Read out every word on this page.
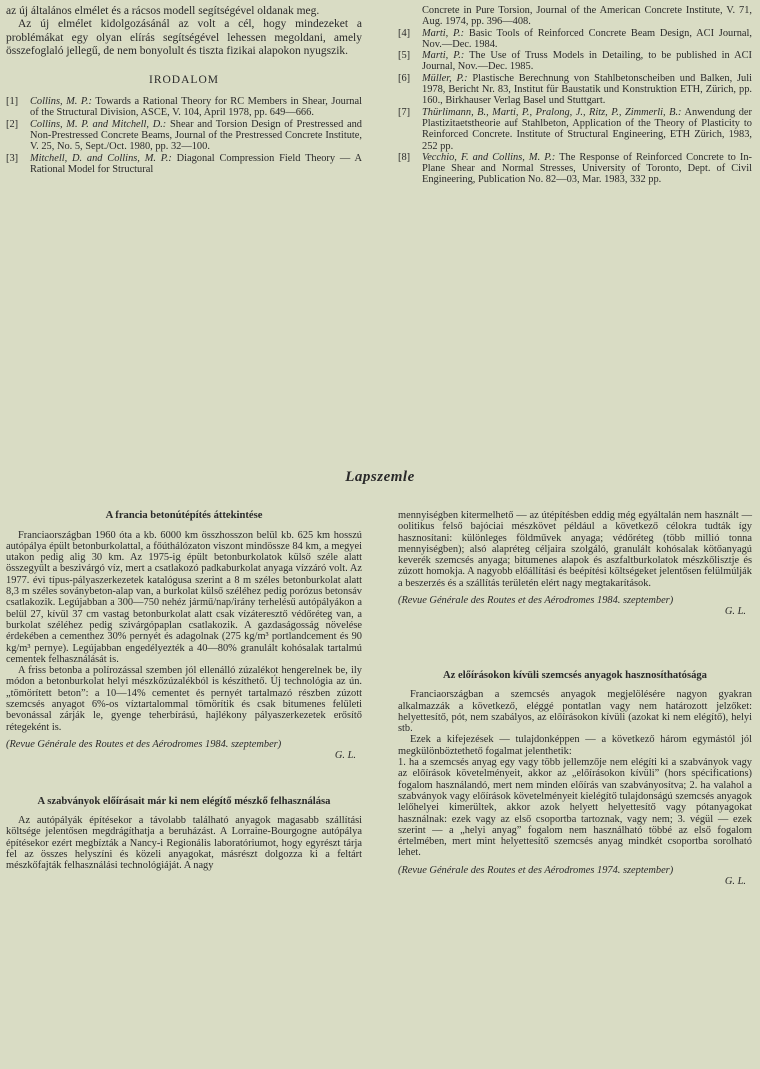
az új általános elmélet és a rácsos modell segítségével oldanak meg.

Az új elmélet kidolgozásánál az volt a cél, hogy mindezeket a problémákat egy olyan elírás segítségével lehessen megoldani, amely összefoglaló jellegű, de nem bonyolult és tiszta fizikai alapokon nyugszik.

IRODALOM
[1]	Collins, M. P.: Towards a Rational Theory for RC Members in Shear, Journal of the Structural Division, ASCE, V. 104, April 1978, pp. 649—666.
[2]	Collins, M. P. and Mitchell, D.: Shear and Torsion Design of Prestressed and Non-Prestressed Concrete Beams, Journal of the Prestressed Concrete Institute, V. 25, No. 5, Sept./Oct. 1980, pp. 32—100.
[3]	Mitchell, D. and Collins, M. P.: Diagonal Compression Field Theory — A Rational Model for Structural
Concrete in Pure Torsion, Journal of the American Concrete Institute, V. 71, Aug. 1974, pp. 396—408.
[4]	Marti, P.: Basic Tools of Reinforced Concrete Beam Design, ACI Journal, Nov.—Dec. 1984.
[5]	Marti, P.: The Use of Truss Models in Detailing, to be published in ACI Journal, Nov.—Dec. 1985.
[6]	Müller, P.: Plastische Berechnung von Stahlbetonscheiben und Balken, Juli 1978, Bericht Nr. 83, Institut für Baustatik und Konstruktion ETH, Zürich, pp. 160., Birkhauser Verlag Basel und Stuttgart.
[7]	Thürlimann, B., Marti, P., Pralong, J., Ritz, P., Zimmerli, B.: Anwendung der Plastizitaetstheorie auf Stahlbeton, Application of the Theory of Plasticity to Reinforced Concrete. Institute of Structural Engineering, ETH Zürich, 1983, 252 pp.
[8]	Vecchio, F. and Collins, M. P.: The Response of Reinforced Concrete to In-Plane Shear and Normal Stresses, University of Toronto, Dept. of Civil Engineering, Publication No. 82—03, Mar. 1983, 332 pp.
Lapszemle
A francia betonútépítés áttekintése

Franciaországban 1960 óta a kb. 6000 km összhosszon belül kb. 625 km hosszú autópálya épült betonburkolattal, a főúthálózaton viszont mindössze 84 km, a megyei utakon pedig alig 30 km. Az 1975-ig épült betonburkolatok külső széle alatt összegyűlt a beszivárgó víz, mert a csatlakozó padkaburkolat anyaga vízzáró volt. Az 1977. évi típus-pályaszerkezetek katalógusa szerint a 8 m széles betonburkolat alatt 8,3 m széles soványbeton-alap van, a burkolat külső széléhez pedig porózus betonsáv csatlakozik. Legújabban a 300—750 nehéz jármű/nap/irány terhelésű autópályákon a belül 27, kívül 37 cm vastag betonburkolat alatt csak vízáteresztő védőréteg van, a burkolat széléhez pedig szivárgópaplan csatlakozik. A gazdaságosság növelése érdekében a cementhez 30% pernyét és adagolnak (275 kg/m³ portlandcement és 90 kg/m³ pernye). Legújabban engedélyezték a 40—80% granulált kohósalak tartalmú cementek felhasználását is.

A friss betonba a polírozással szemben jól ellenálló zúzalékot hengerelnek be, ily módon a betonburkolat helyi mészkőzúzalékból is készíthető. Új technológia az ún. „tömörített beton”: a 10—14% cementet és pernyét tartalmazó részben zúzott szemcsés anyagot 6%-os víztartalommal tömörítik és csak bitumenes felületi bevonással zárják le, gyenge teherbírású, hajlékony pályaszerkezetek erősítő rétegeként is.

(Revue Générale des Routes et des Aérodromes 1984. szeptember)

G. L.
A szabványok előírásait már ki nem elégítő mészkő felhasználása

Az autópályák építésekor a távolabb található anyagok magasabb szállítási költsége jelentősen megdrágíthatja a beruházást. A Lorraine-Bourgogne autópálya építésekor ezért megbízták a Nancy-i Regionális laboratóriumot, hogy egyrészt tárja fel az összes helyszíni és közeli anyagokat, másrészt dolgozza ki a feltárt mészkőfajták felhasználási technológiáját. A nagy

mennyiségben kitermelhető — az útépítésben eddig még egyáltalán nem használt — oolitikus felső bajóciai mészkövet például a következő célokra tudták így hasznosítani: különleges földművek anyaga; védőréteg (több millió tonna mennyiségben); alsó alapréteg céljaira szolgáló, granulált kohósalak kötőanyagú keverék szemcsés anyaga; bitumenes alapok és aszfaltburkolatok mészkőlisztje és zúzott homokja. A nagyobb előállítási és beépítési költségeket jelentősen felülmúlják a beszerzés és a szállítás területén elért nagy megtakarítások.

(Revue Générale des Routes et des Aérodromes 1984. szeptember)

G. L.
Az előírásokon kívüli szemcsés anyagok hasznosíthatósága

Franciaországban a szemcsés anyagok megjelölésére nagyon gyakran alkalmazzák a következő, eléggé pontatlan vagy nem határozott jelzőket: helyettesítő, pót, nem szabályos, az előírásokon kívüli (azokat ki nem elégítő), helyi stb.

Ezek a kifejezések — tulajdonképpen — a következő három egymástól jól megkülönböztethető fogalmat jelenthetik:

1. ha a szemcsés anyag egy vagy több jellemzője nem elégíti ki a szabványok vagy az előírások követelményeit, akkor az „előírásokon kívüli” (hors spécifications) fogalom használandó, mert nem minden előírás van szabványosítva; 2. ha valahol a szabványok vagy előírások követelményeit kielégítő tulajdonságú szemcsés anyagok lelőhelyei kimerültek, akkor azok helyett helyettesítő vagy pótanyagokat használnak: ezek vagy az első csoportba tartoznak, vagy nem; 3. végül — ezek szerint — a „helyi anyag” fogalom nem használható többé az első fogalom értelmében, mert mint helyettesítő szemcsés anyag mindkét csoportba sorolható lehet.

(Revue Générale des Routes et des Aérodromes 1974. szeptember)

G. L.
